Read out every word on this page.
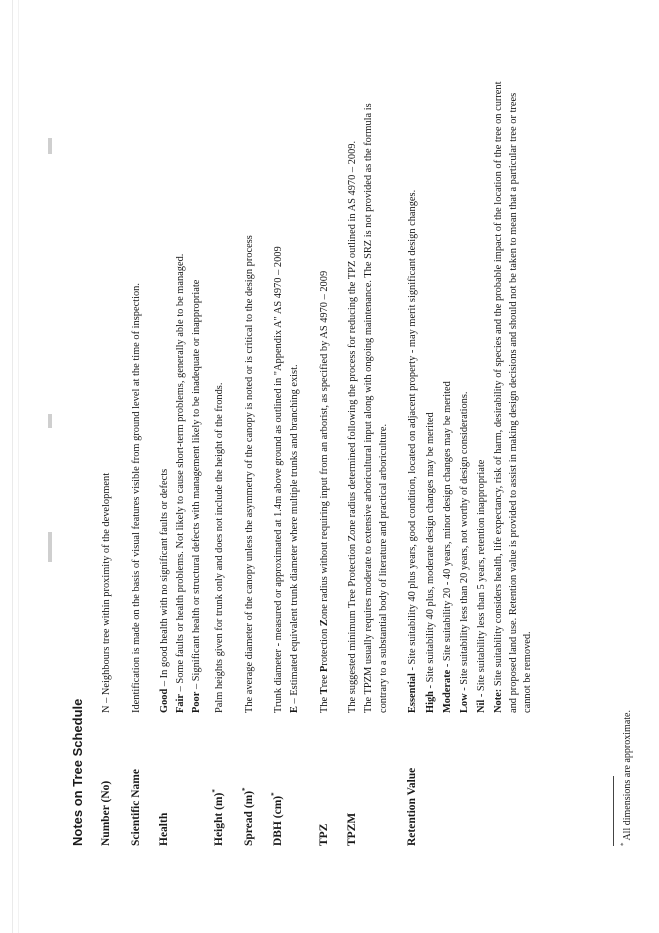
Notes on Tree Schedule Number (No)
N – Neighbours tree within proximity of the development
Scientific Name
Identification is made on the basis of visual features visible from ground level at the time of inspection.
Health
Good – In good health with no significant faults or defects
Fair – Some faults or health problems. Not likely to cause short-term problems, generally able to be managed.
Poor – Significant health or structural defects with management likely to be inadequate or inappropriate
Height (m)*
Palm heights given for trunk only and does not include the height of the fronds.
Spread (m)*
The average diameter of the canopy unless the asymmetry of the canopy is noted or is critical to the design process
DBH (cm)*
Trunk diameter - measured or approximated at 1.4m above ground as outlined in "Appendix A" AS 4970 – 2009 E – Estimated equivalent trunk diameter where multiple trunks and branching exist.
TPZ
The Tree Protection Zone radius without requiring input from an arborist, as specified by AS 4970 – 2009
TPZM
The suggested minimum Tree Protection Zone radius determined following the process for reducing the TPZ outlined in AS 4970 – 2009. The TPZM usually requires moderate to extensive arboricultural input along with ongoing maintenance. The SRZ is not provided as the formula is contrary to a substantial body of literature and practical arboriculture.
Retention Value
Essential - Site suitability 40 plus years, good condition, located on adjacent property - may merit significant design changes.
High - Site suitability 40 plus, moderate design changes may be merited
Moderate - Site suitability 20 - 40 years, minor design changes may be merited
Low - Site suitability less than 20 years, not worthy of design considerations.
Nil - Site suitability less than 5 years, retention inappropriate
Note: Site suitability considers health, life expectancy, risk of harm, desirability of species and the probable impact of the location of the tree on current and proposed land use. Retention value is provided to assist in making design decisions and should not be taken to mean that a particular tree or trees cannot be removed.
* All dimensions are approximate.
